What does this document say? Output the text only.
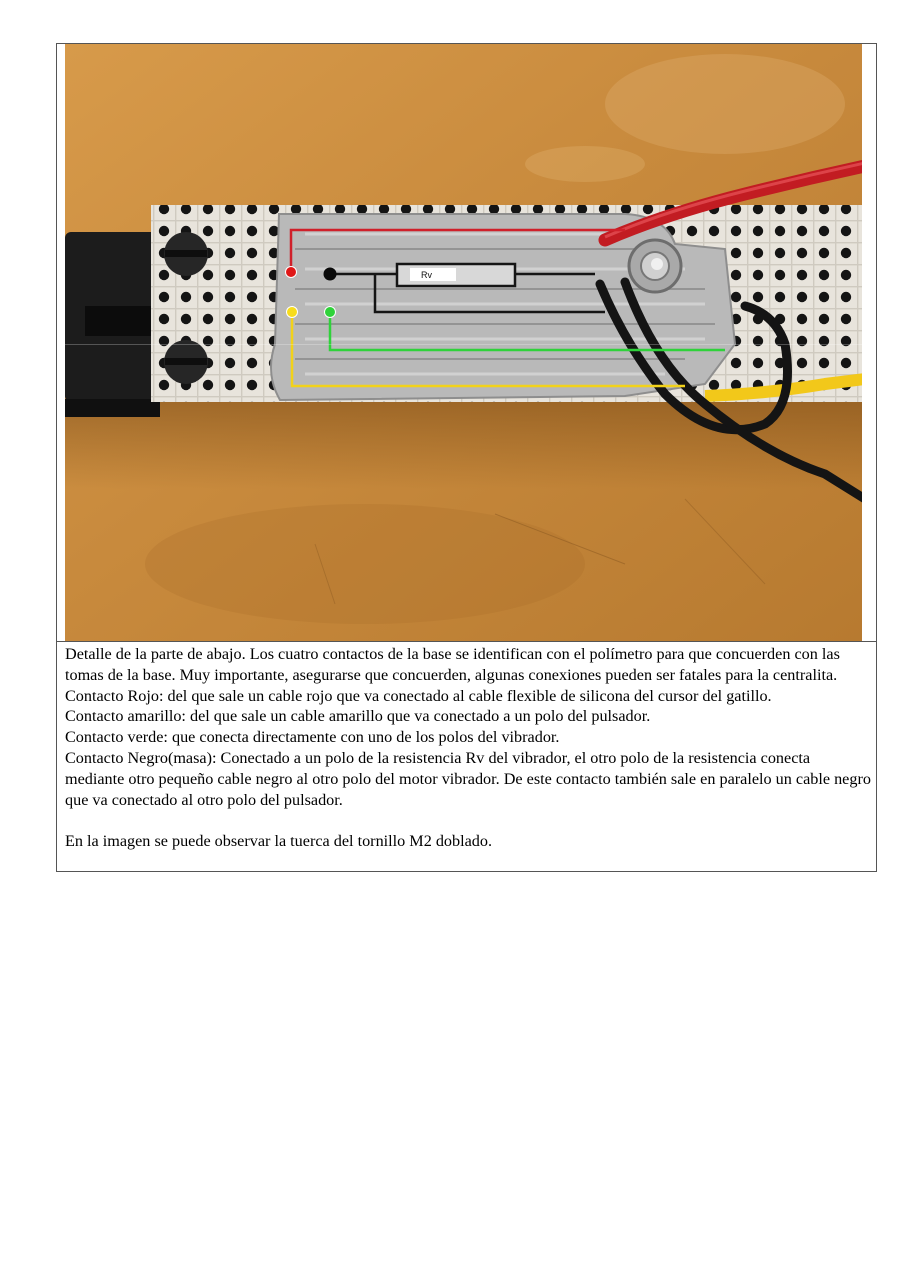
Rv

Detalle de la parte de abajo. Los cuatro contactos de la base se identifican con el polímetro para que concuerden con las tomas de la base. Muy importante, asegurarse que concuerden, algunas conexiones pueden ser fatales para la centralita.

Contacto Rojo: del que sale un cable rojo que va conectado al cable flexible de silicona del cursor del gatillo.

Contacto amarillo: del que sale un cable amarillo que va conectado a un polo del pulsador.

Contacto verde: que conecta directamente con uno de los polos del vibrador.

Contacto Negro(masa): Conectado a un polo de la resistencia Rv del vibrador, el otro polo de la resistencia conecta mediante otro pequeño cable negro al otro polo del motor vibrador. De este contacto también sale en paralelo un cable negro que va conectado al otro polo del pulsador.

En la imagen se puede observar la tuerca del tornillo M2 doblado.
